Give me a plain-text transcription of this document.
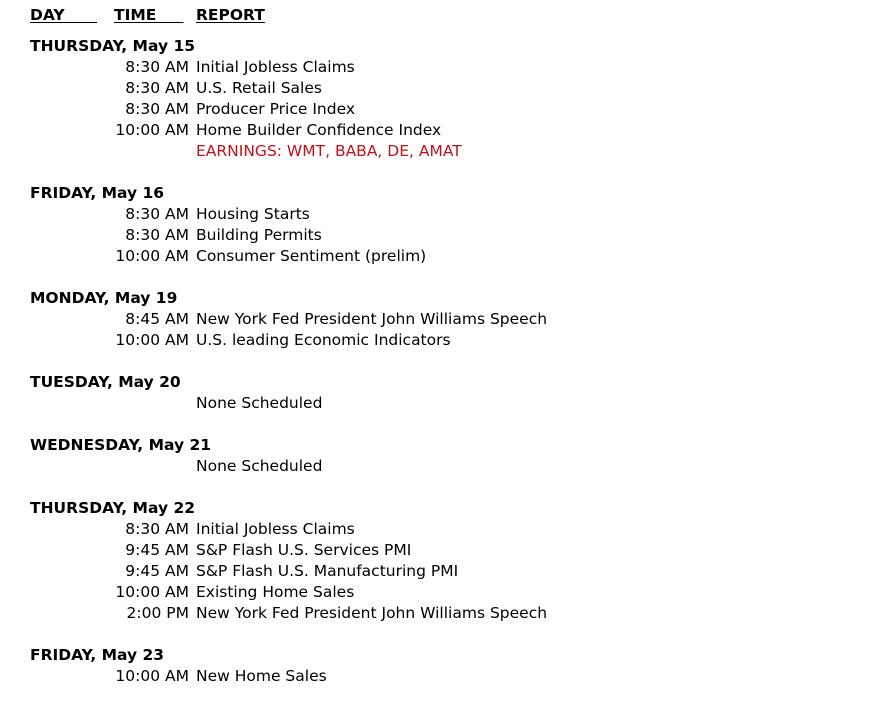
DAY TIME REPORT
THURSDAY, May 15
8:30 AM Initial Jobless Claims
8:30 AM U.S. Retail Sales
8:30 AM Producer Price Index
10:00 AM Home Builder Confidence Index
EARNINGS: WMT, BABA, DE, AMAT
FRIDAY, May 16
8:30 AM Housing Starts
8:30 AM Building Permits
10:00 AM Consumer Sentiment (prelim)
MONDAY, May 19
8:45 AM New York Fed President John Williams Speech
10:00 AM U.S. leading Economic Indicators
TUESDAY, May 20
None Scheduled
WEDNESDAY, May 21
None Scheduled
THURSDAY, May 22
8:30 AM Initial Jobless Claims
9:45 AM S&P Flash U.S. Services PMI
9:45 AM S&P Flash U.S. Manufacturing PMI
10:00 AM Existing Home Sales
2:00 PM New York Fed President John Williams Speech
FRIDAY, May 23
10:00 AM New Home Sales
